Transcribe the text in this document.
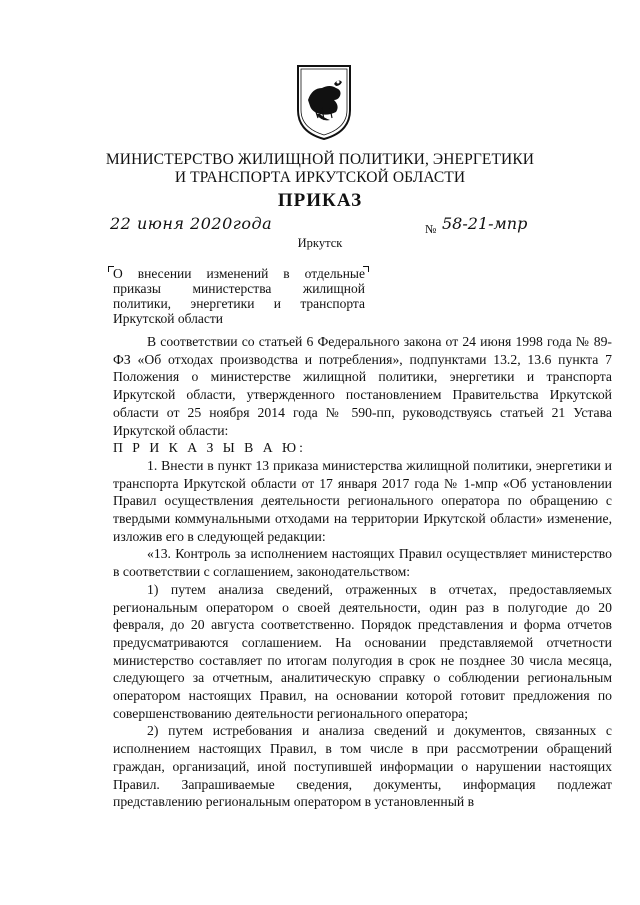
МИНИСТЕРСТВО ЖИЛИЩНОЙ ПОЛИТИКИ, ЭНЕРГЕТИКИ
И ТРАНСПОРТА ИРКУТСКОЙ ОБЛАСТИ
ПРИКАЗ
22 июня 2020года	№ 58-21-мпр
Иркутск
О внесении изменений в отдельные приказы министерства жилищной политики, энергетики и транспорта Иркутской области

В соответствии со статьей 6 Федерального закона от 24 июня 1998 года № 89-ФЗ «Об отходах производства и потребления», подпунктами 13.2, 13.6 пункта 7 Положения о министерстве жилищной политики, энергетики и транспорта Иркутской области, утвержденного постановлением Правительства Иркутской области от 25 ноября 2014 года № 590-пп, руководствуясь статьей 21 Устава Иркутской области:

П Р И К А З Ы В А Ю:

1. Внести в пункт 13 приказа министерства жилищной политики, энергетики и транспорта Иркутской области от 17 января 2017 года № 1-мпр «Об установлении Правил осуществления деятельности регионального оператора по обращению с твердыми коммунальными отходами на территории Иркутской области» изменение, изложив его в следующей редакции:

«13. Контроль за исполнением настоящих Правил осуществляет министерство в соответствии с соглашением, законодательством:

1) путем анализа сведений, отраженных в отчетах, предоставляемых региональным оператором о своей деятельности, один раз в полугодие до 20 февраля, до 20 августа соответственно. Порядок представления и форма отчетов предусматриваются соглашением. На основании представляемой отчетности министерство составляет по итогам полугодия в срок не позднее 30 числа месяца, следующего за отчетным, аналитическую справку о соблюдении региональным оператором настоящих Правил, на основании которой готовит предложения по совершенствованию деятельности регионального оператора;

2) путем истребования и анализа сведений и документов, связанных с исполнением настоящих Правил, в том числе в при рассмотрении обращений граждан, организаций, иной поступившей информации о нарушении настоящих Правил. Запрашиваемые сведения, документы, информация подлежат представлению региональным оператором в установленный в
